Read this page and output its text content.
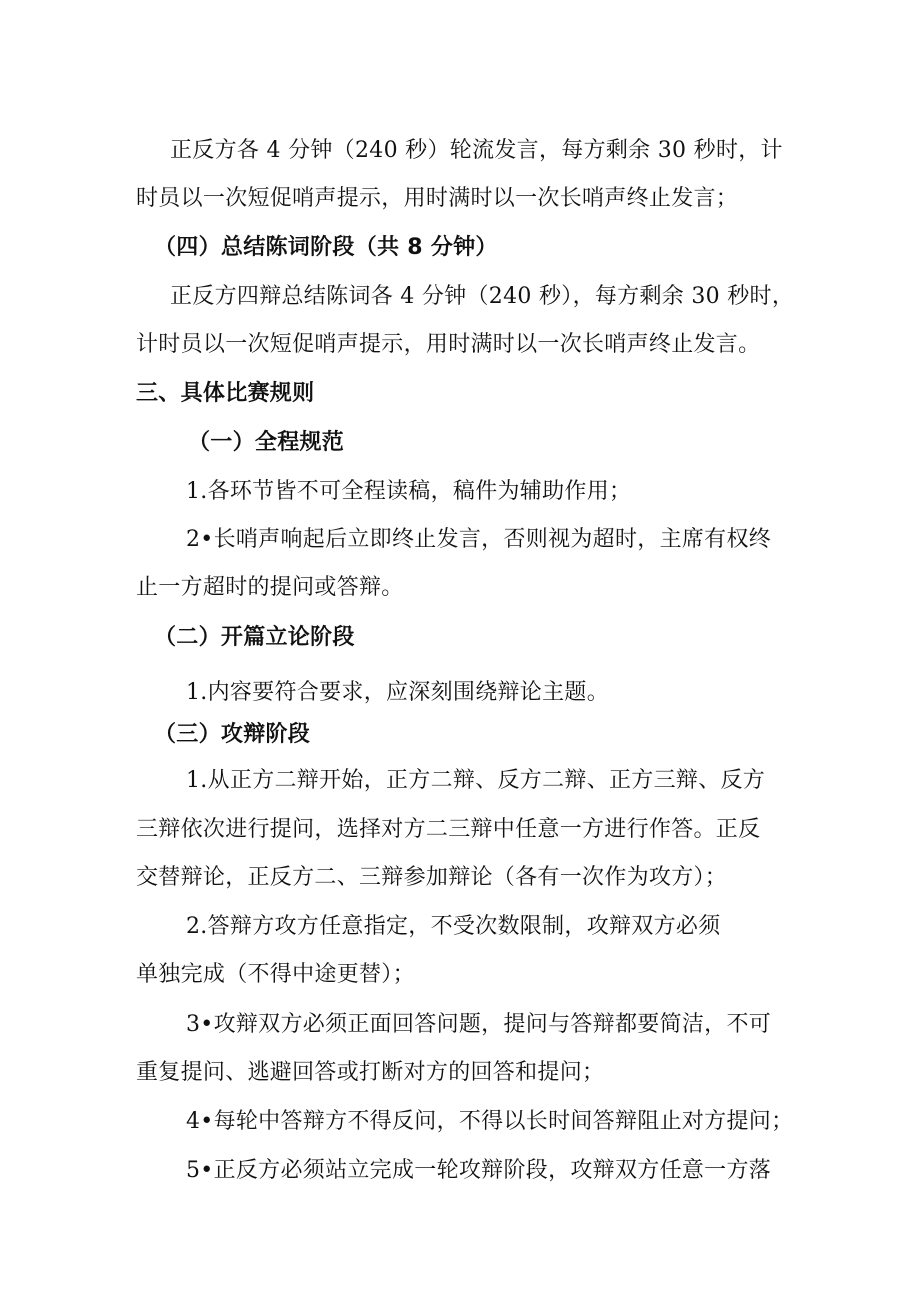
正反方各 4 分钟（240 秒）轮流发言，每方剩余 30 秒时，计
时员以一次短促哨声提示，用时满时以一次长哨声终止发言；
（四）总结陈词阶段（共 8 分钟）
正反方四辩总结陈词各 4 分钟（240 秒），每方剩余 30 秒时，
计时员以一次短促哨声提示，用时满时以一次长哨声终止发言。
三、具体比赛规则
（一）全程规范
1.各环节皆不可全程读稿，稿件为辅助作用；
2•长哨声响起后立即终止发言，否则视为超时，主席有权终
止一方超时的提问或答辩。
（二）开篇立论阶段
1.内容要符合要求，应深刻围绕辩论主题。
（三）攻辩阶段
1.从正方二辩开始，正方二辩、反方二辩、正方三辩、反方
三辩依次进行提问，选择对方二三辩中任意一方进行作答。正反
交替辩论，正反方二、三辩参加辩论（各有一次作为攻方）；
2.答辩方攻方任意指定，不受次数限制，攻辩双方必须
单独完成（不得中途更替）；
3•攻辩双方必须正面回答问题，提问与答辩都要简洁，不可
重复提问、逃避回答或打断对方的回答和提问；
4•每轮中答辩方不得反问，不得以长时间答辩阻止对方提问；
5•正反方必须站立完成一轮攻辩阶段，攻辩双方任意一方落
